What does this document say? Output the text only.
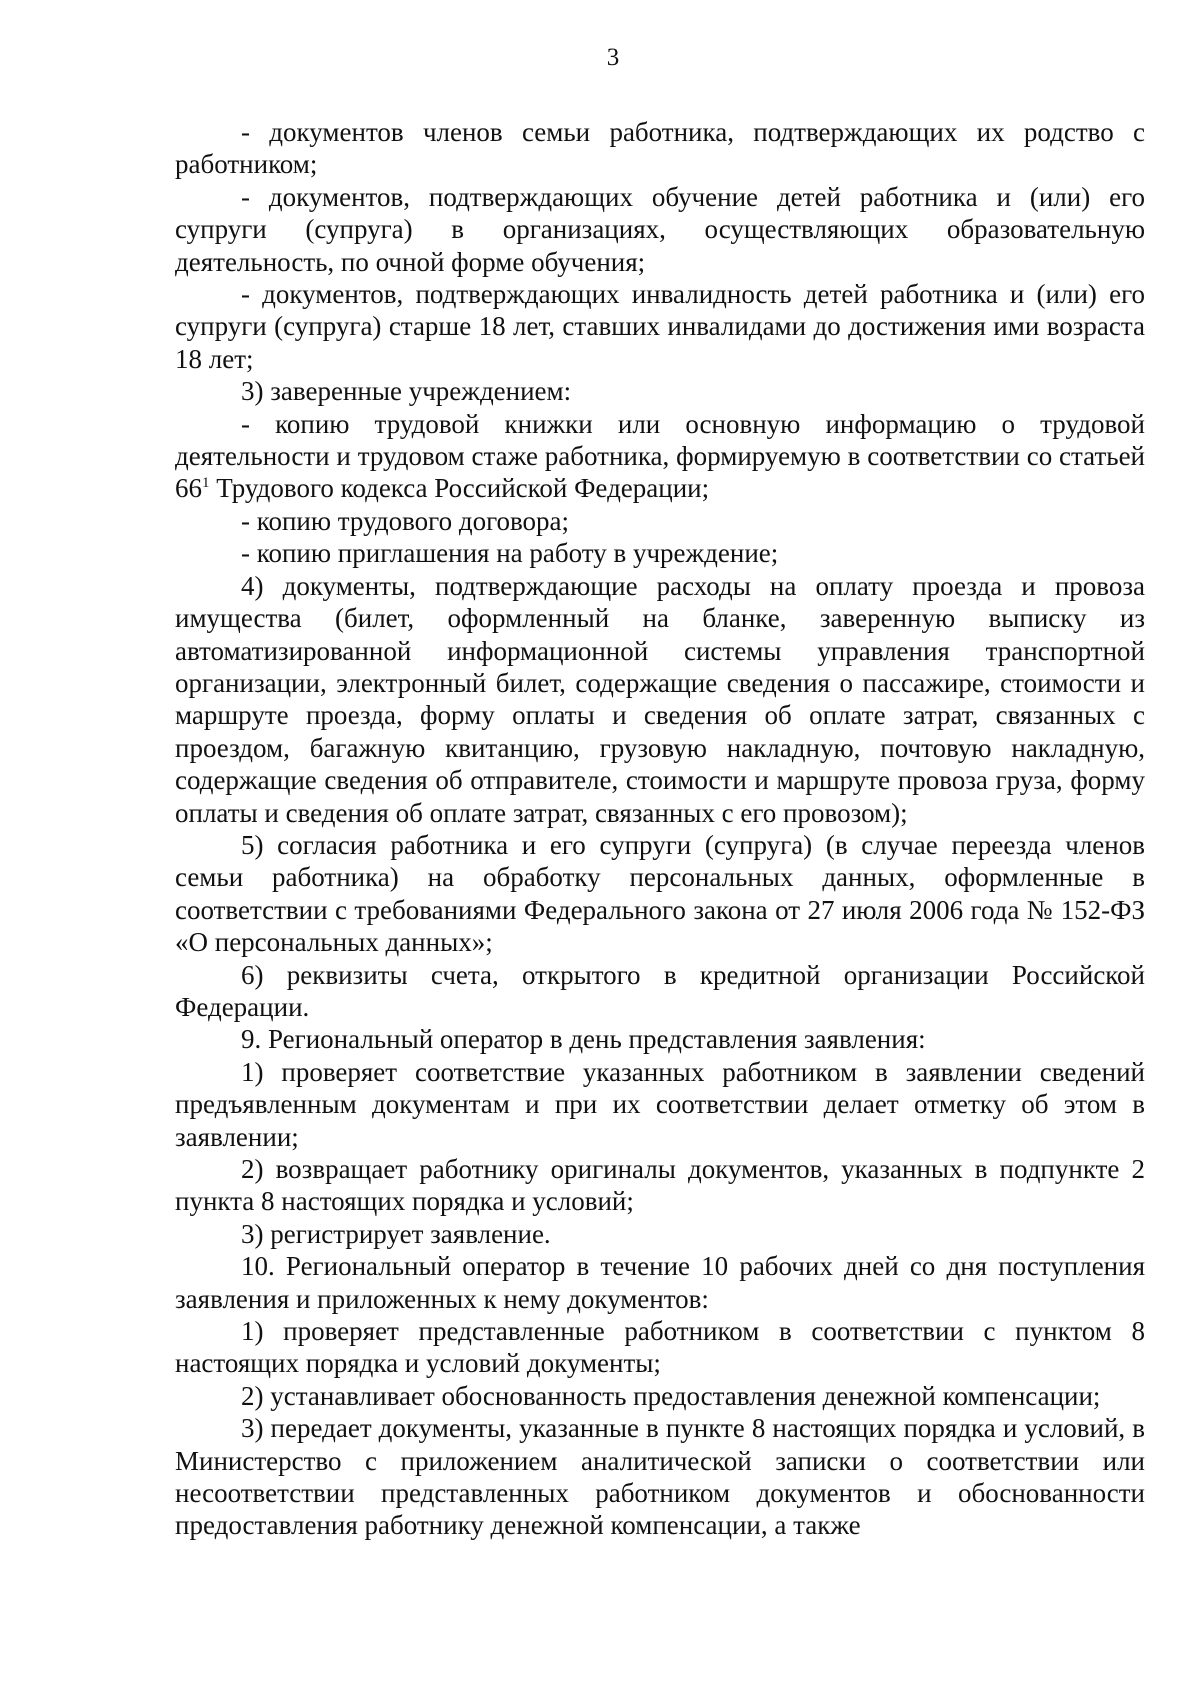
3

- документов членов семьи работника, подтверждающих их родство с работником;

- документов, подтверждающих обучение детей работника и (или) его супруги (супруга) в организациях, осуществляющих образовательную деятельность, по очной форме обучения;

- документов, подтверждающих инвалидность детей работника и (или) его супруги (супруга) старше 18 лет, ставших инвалидами до достижения ими возраста 18 лет;

3) заверенные учреждением:

- копию трудовой книжки или основную информацию о трудовой деятельности и трудовом стаже работника, формируемую в соответствии со статьей $66^1$ Трудового кодекса Российской Федерации;

- копию трудового договора;

- копию приглашения на работу в учреждение;

4) документы, подтверждающие расходы на оплату проезда и провоза имущества (билет, оформленный на бланке, заверенную выписку из автоматизированной информационной системы управления транспортной организации, электронный билет, содержащие сведения о пассажире, стоимости и маршруте проезда, форму оплаты и сведения об оплате затрат, связанных с проездом, багажную квитанцию, грузовую накладную, почтовую накладную, содержащие сведения об отправителе, стоимости и маршруте провоза груза, форму оплаты и сведения об оплате затрат, связанных с его провозом);

5) согласия работника и его супруги (супруга) (в случае переезда членов семьи работника) на обработку персональных данных, оформленные в соответствии с требованиями Федерального закона от 27 июля 2006 года № 152-ФЗ «О персональных данных»;

6) реквизиты счета, открытого в кредитной организации Российской Федерации.

9. Региональный оператор в день представления заявления:

1) проверяет соответствие указанных работником в заявлении сведений предъявленным документам и при их соответствии делает отметку об этом в заявлении;

2) возвращает работнику оригиналы документов, указанных в подпункте 2 пункта 8 настоящих порядка и условий;

3) регистрирует заявление.

10. Региональный оператор в течение 10 рабочих дней со дня поступления заявления и приложенных к нему документов:

1) проверяет представленные работником в соответствии с пунктом 8 настоящих порядка и условий документы;

2) устанавливает обоснованность предоставления денежной компенсации;

3) передает документы, указанные в пункте 8 настоящих порядка и условий, в Министерство с приложением аналитической записки о соответствии или несоответствии представленных работником документов и обоснованности предоставления работнику денежной компенсации, а также
